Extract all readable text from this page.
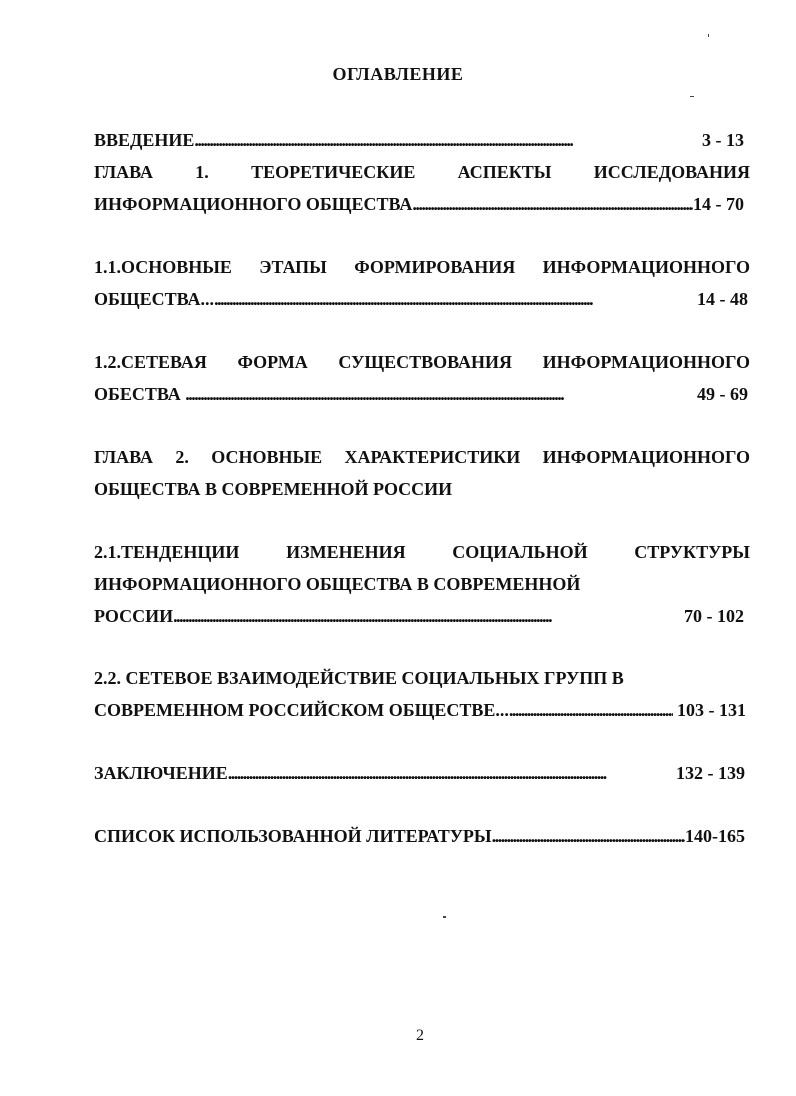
ОГЛАВЛЕНИЕ
ВВЕДЕНИЕ . . .	3 - 13
ГЛАВА 1. ТЕОРЕТИЧЕСКИЕ АСПЕКТЫ ИССЛЕДОВАНИЯ
ИНФОРМАЦИОННОГО ОБЩЕСТВА . . .	14 - 70
1.1.ОСНОВНЫЕ ЭТАПЫ ФОРМИРОВАНИЯ ИНФОРМАЦИОННОГО
ОБЩЕСТВА... . . .	14 - 48
1.2.СЕТЕВАЯ ФОРМА СУЩЕСТВОВАНИЯ ИНФОРМАЦИОННОГО
ОБЕСТВА . . .	49 - 69
ГЛАВА 2. ОСНОВНЫЕ ХАРАКТЕРИСТИКИ ИНФОРМАЦИОННОГО
ОБЩЕСТВА В СОВРЕМЕННОЙ РОССИИ
2.1.ТЕНДЕНЦИИ	ИЗМЕНЕНИЯ	СОЦИАЛЬНОЙ	СТРУКТУРЫ
ИНФОРМАЦИОННОГО ОБЩЕСТВА В СОВРЕМЕННОЙ
РОССИИ . . .	70 - 102
2.2. СЕТЕВОЕ ВЗАИМОДЕЙСТВИЕ СОЦИАЛЬНЫХ ГРУПП В
СОВРЕМЕННОМ РОССИЙСКОМ ОБЩЕСТВЕ... . . .	103 - 131
ЗАКЛЮЧЕНИЕ . . .	132 - 139
СПИСОК ИСПОЛЬЗОВАННОЙ ЛИТЕРАТУРЫ . . .	140-165
2
